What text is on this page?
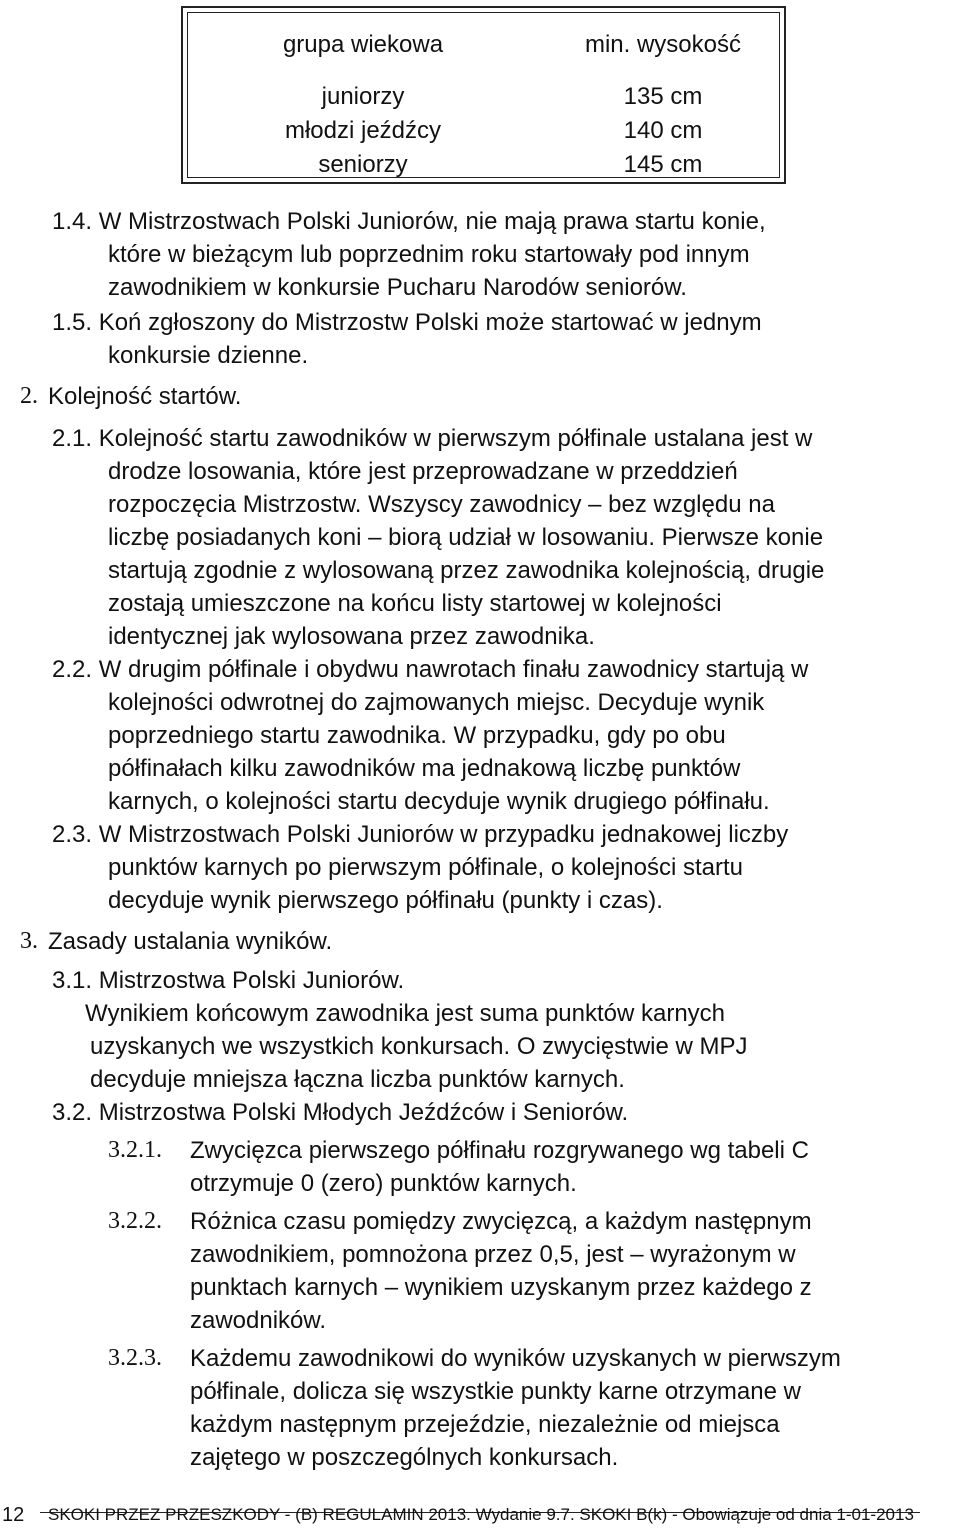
grupa wiekowa	min. wysokość
juniorzy	135 cm
młodzi jeźdźcy	140 cm
seniorzy	145 cm
1.4. W Mistrzostwach Polski Juniorów, nie mają prawa startu konie,
które w bieżącym lub poprzednim roku startowały pod innym
zawodnikiem w konkursie Pucharu Narodów seniorów.
1.5. Koń zgłoszony do Mistrzostw Polski może startować w jednym
konkursie dzienne.
2. Kolejność startów.
2.1. Kolejność startu zawodników w pierwszym półfinale ustalana jest w
drodze losowania, które jest przeprowadzane w przeddzień
rozpoczęcia Mistrzostw. Wszyscy zawodnicy – bez względu na
liczbę posiadanych koni – biorą udział w losowaniu. Pierwsze konie
startują zgodnie z wylosowaną przez zawodnika kolejnością, drugie
zostają umieszczone na końcu listy startowej w kolejności
identycznej jak wylosowana przez zawodnika.
2.2. W drugim półfinale i obydwu nawrotach finału zawodnicy startują w
kolejności odwrotnej do zajmowanych miejsc. Decyduje wynik
poprzedniego startu zawodnika. W przypadku, gdy po obu
półfinałach kilku zawodników ma jednakową liczbę punktów
karnych, o kolejności startu decyduje wynik drugiego półfinału.
2.3. W Mistrzostwach Polski Juniorów w przypadku jednakowej liczby
punktów karnych po pierwszym półfinale, o kolejności startu
decyduje wynik pierwszego półfinału (punkty i czas).
3. Zasady ustalania wyników.
3.1. Mistrzostwa Polski Juniorów.
Wynikiem końcowym zawodnika jest suma punktów karnych
uzyskanych we wszystkich konkursach. O zwycięstwie w MPJ
decyduje mniejsza łączna liczba punktów karnych.
3.2. Mistrzostwa Polski Młodych Jeźdźców i Seniorów.
3.2.1. Zwycięzca pierwszego półfinału rozgrywanego wg tabeli C
otrzymuje 0 (zero) punktów karnych.
3.2.2. Różnica czasu pomiędzy zwycięzcą, a każdym następnym
zawodnikiem, pomnożona przez 0,5, jest – wyrażonym w
punktach karnych – wynikiem uzyskanym przez każdego z
zawodników.
3.2.3. Każdemu zawodnikowi do wyników uzyskanych w pierwszym
półfinale, dolicza się wszystkie punkty karne otrzymane w
każdym następnym przejeździe, niezależnie od miejsca
zajętego w poszczególnych konkursach.
12 SKOKI PRZEZ PRZESZKODY - (B) REGULAMIN 2013. Wydanie 9.7. SKOKI B(k) - Obowiązuje od dnia 1-01-2013
